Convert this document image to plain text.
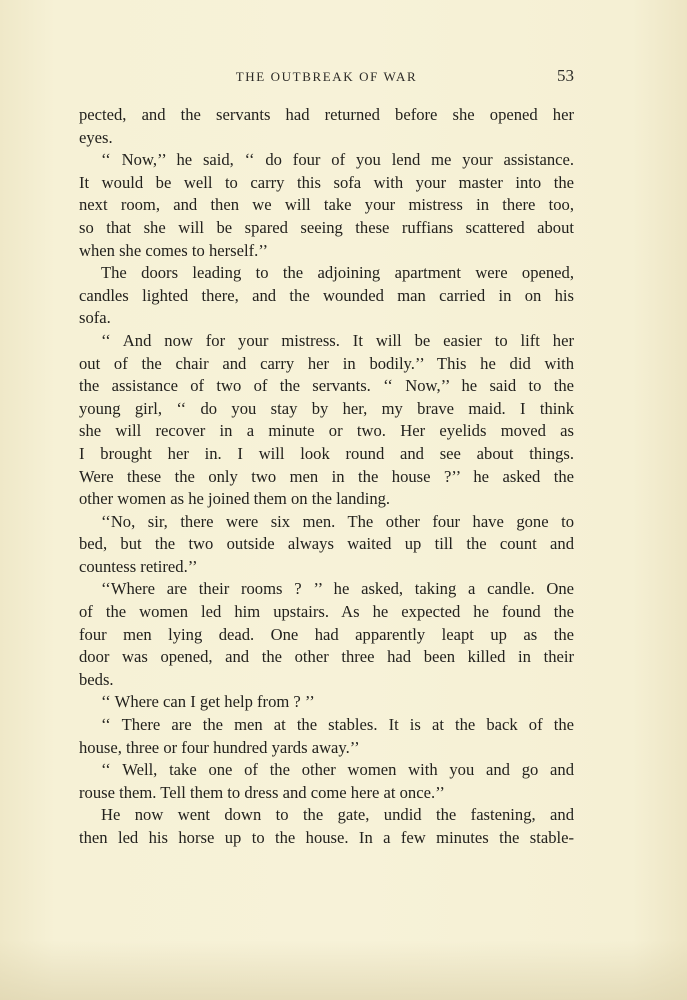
THE OUTBREAK OF WAR	53

pected, and the servants had returned before she opened her

eyes.

‘‘ Now,’’ he said, ‘‘ do four of you lend me your assistance.

It would be well to carry this sofa with your master into the

next room, and then we will take your mistress in there too,

so that she will be spared seeing these ruffians scattered about

when she comes to herself.’’

The doors leading to the adjoining apartment were opened,

candles lighted there, and the wounded man carried in on his

sofa.

‘‘ And now for your mistress. It will be easier to lift her

out of the chair and carry her in bodily.’’ This he did with

the assistance of two of the servants. ‘‘ Now,’’ he said to the

young girl, ‘‘ do you stay by her, my brave maid. I think

she will recover in a minute or two. Her eyelids moved as

I brought her in. I will look round and see about things.

Were these the only two men in the house ?’’ he asked the

other women as he joined them on the landing.

‘‘No, sir, there were six men. The other four have gone to

bed, but the two outside always waited up till the count and

countess retired.’’

‘‘Where are their rooms ? ’’ he asked, taking a candle. One

of the women led him upstairs. As he expected he found the

four men lying dead. One had apparently leapt up as the

door was opened, and the other three had been killed in their

beds.

‘‘ Where can I get help from ? ’’

‘‘ There are the men at the stables. It is at the back of the

house, three or four hundred yards away.’’

‘‘ Well, take one of the other women with you and go and

rouse them. Tell them to dress and come here at once.’’

He now went down to the gate, undid the fastening, and

then led his horse up to the house. In a few minutes the stable-
